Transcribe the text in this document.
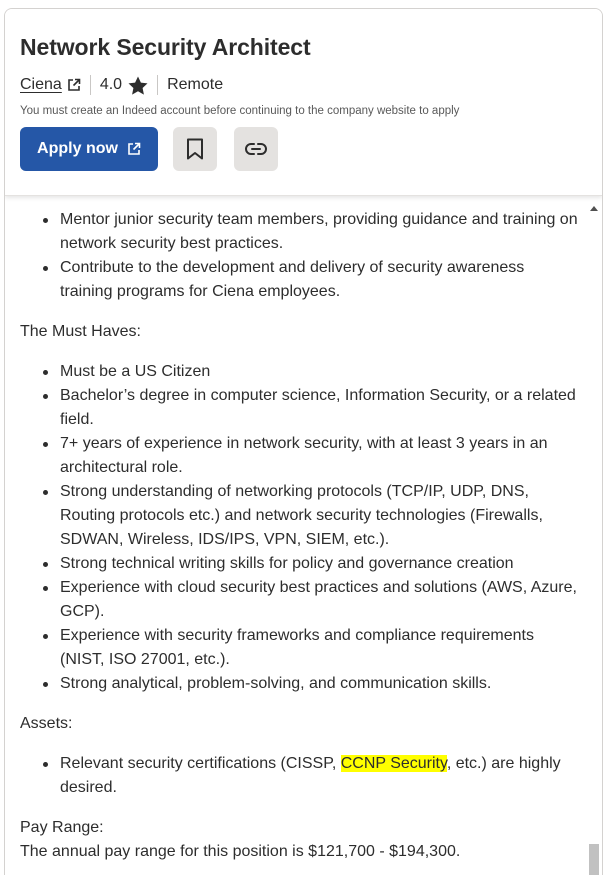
Network Security Architect
Ciena 4.0	Remote

You must create an Indeed account before continuing to the company website to apply

Apply now
Mentor junior security team members, providing guidance and training on network security best practices.
Contribute to the development and delivery of security awareness training programs for Ciena employees.

The Must Haves:

Must be a US Citizen
Bachelor’s degree in computer science, Information Security, or a related field.
7+ years of experience in network security, with at least 3 years in an architectural role.
Strong understanding of networking protocols (TCP/IP, UDP, DNS, Routing protocols etc.) and network security technologies (Firewalls, SDWAN, Wireless, IDS/IPS, VPN, SIEM, etc.).
Strong technical writing skills for policy and governance creation
Experience with cloud security best practices and solutions (AWS, Azure, GCP).
Experience with security frameworks and compliance requirements (NIST, ISO 27001, etc.).
Strong analytical, problem-solving, and communication skills.

Assets:

Relevant security certifications (CISSP, CCNP Security, etc.) are highly desired.

Pay Range:

The annual pay range for this position is $121,700 - $194,300.
